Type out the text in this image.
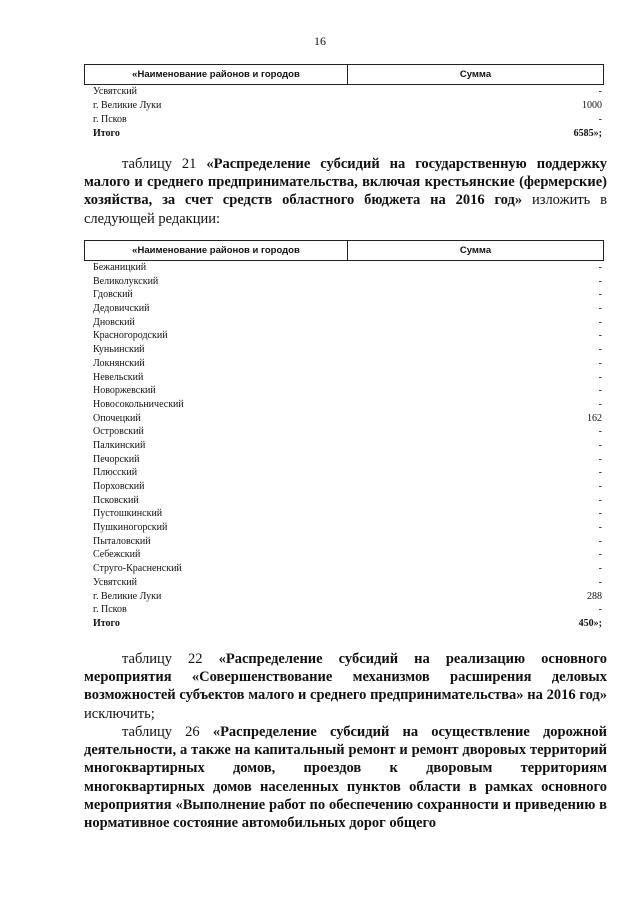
16
«Наименование районов и городов	Сумма
Усвятский	-
г. Великие Луки	1000
г. Псков	-
Итого	6585»;
таблицу 21 «Распределение субсидий на государственную поддержку малого и среднего предпринимательства, включая крестьянские (фермерские) хозяйства, за счет средств областного бюджета на 2016 год» изложить в следующей редакции:
«Наименование районов и городов	Сумма
Бежаницкий	-
Великолукский	-
Гдовский	-
Дедовичский	-
Дновский	-
Красногородский	-
Куньинский	-
Локнянский	-
Невельский	-
Новоржевский	-
Новосокольнический	-
Опочецкий	162
Островский	-
Палкинский	-
Печорский	-
Плюсский	-
Порховский	-
Псковский	-
Пустошкинский	-
Пушкиногорский	-
Пыталовский	-
Себежский	-
Струго-Красненский	-
Усвятский	-
г. Великие Луки	288
г. Псков	-
Итого	450»;
таблицу 22 «Распределение субсидий на реализацию основного мероприятия «Совершенствование механизмов расширения деловых возможностей субъектов малого и среднего предпринимательства» на 2016 год» исключить;
таблицу 26 «Распределение субсидий на осуществление дорожной деятельности, а также на капитальный ремонт и ремонт дворовых территорий многоквартирных домов, проездов к дворовым территориям многоквартирных домов населенных пунктов области в рамках основного мероприятия «Выполнение работ по обеспечению сохранности и приведению в нормативное состояние автомобильных дорог общего
